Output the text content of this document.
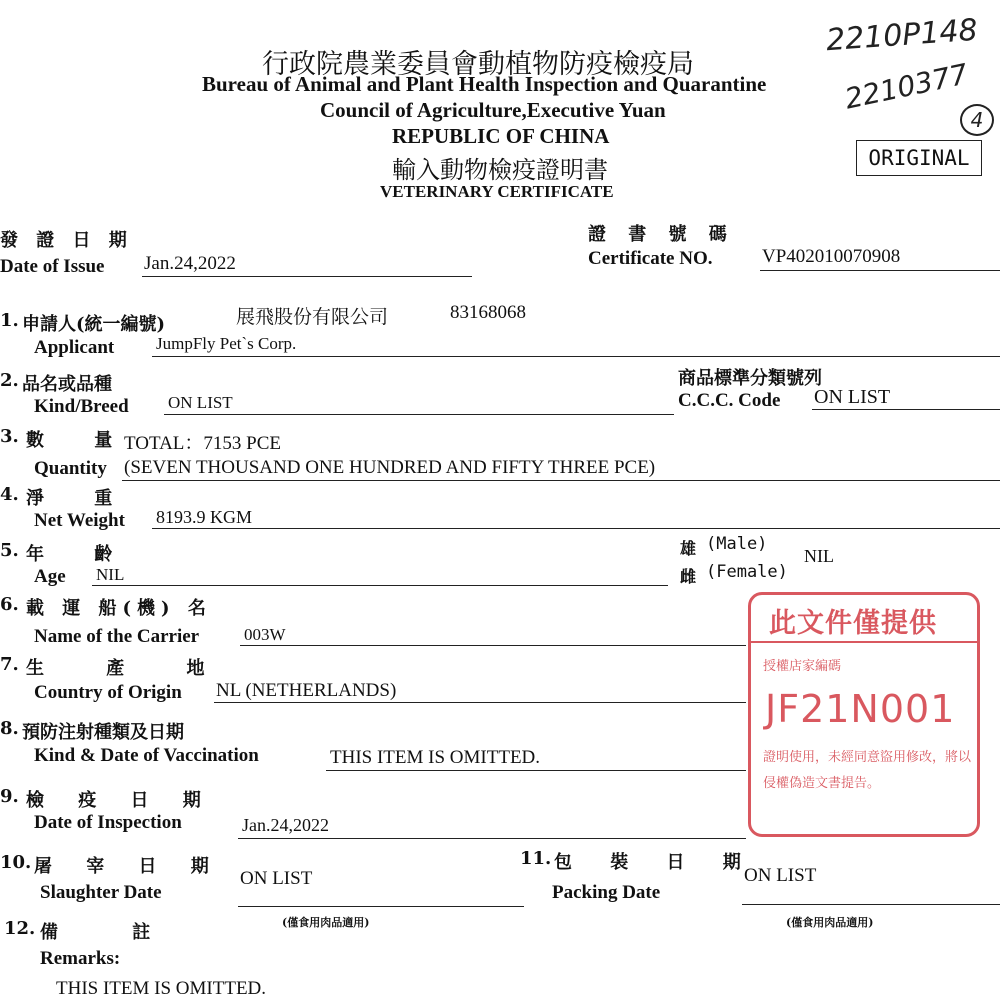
2210P148
2210377
4
行政院農業委員會動植物防疫檢疫局
Bureau of Animal and Plant Health Inspection and Quarantine
Council of Agriculture,Executive Yuan
REPUBLIC OF CHINA
輸入動物檢疫證明書
VETERINARY CERTIFICATE
ORIGINAL
發 證 日 期
Date of Issue Jan.24,2022
證 書 號 碼
Certificate NO.	VP402010070908
1. 申請人(統一編號)	展飛股份有限公司	83168068
Applicant JumpFly Pet`s Corp.
2. 品名或品種
Kind/Breed ON LIST
商品標準分類號列
C.C.C. Code ON LIST
3. 數 量
TOTAL：7153 PCE
Quantity (SEVEN THOUSAND ONE HUNDRED AND FIFTY THREE PCE)
4. 淨 重
Net Weight 8193.9 KGM
5. 年 齡
Age NIL
雄 (Male)
雌 (Female)
NIL
6. 載 運 船(機) 名
Name of the Carrier	003W
7. 生 產 地
Country of Origin NL (NETHERLANDS)
8. 預防注射種類及日期
Kind & Date of Vaccination	THIS ITEM IS OMITTED.
9. 檢 疫 日 期
Date of Inspection	Jan.24,2022
10. 屠 宰 日 期
Slaughter Date
ON LIST
(僅食用肉品適用)
11. 包 裝 日 期
Packing Date
ON LIST
(僅食用肉品適用)
12. 備 註
Remarks:
THIS ITEM IS OMITTED.
此文件僅提供
授權店家編碼
JF21N001
證明使用，未經同意盜用修改，將以侵權偽造文書提告。
